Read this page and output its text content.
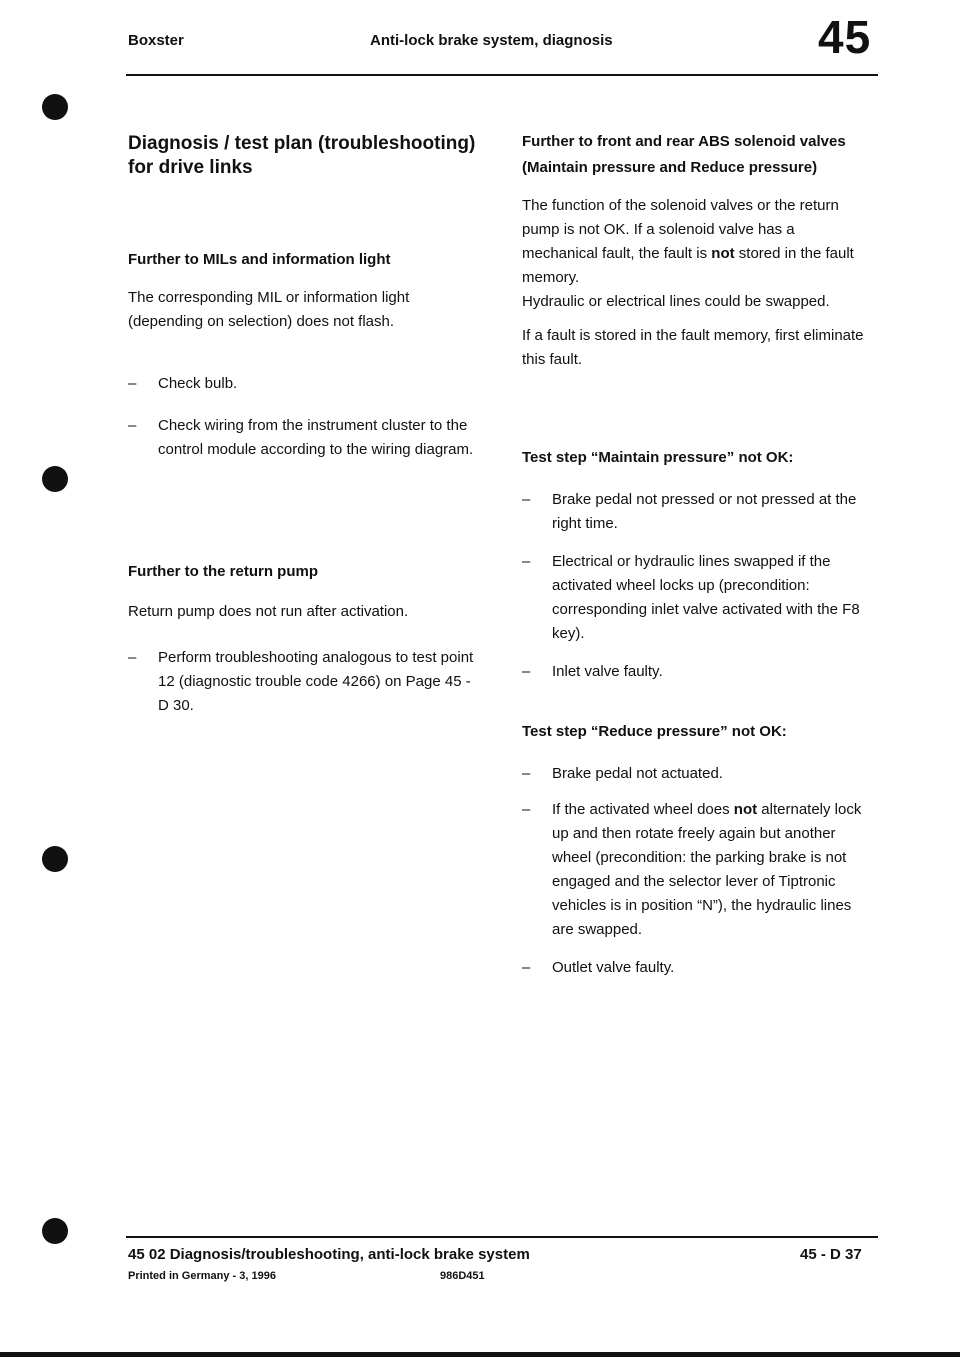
Boxster	Anti-lock brake system, diagnosis	45
Diagnosis / test plan (troubleshooting) for drive links
Further to MILs and information light

The corresponding MIL or information light (depending on selection) does not flash.

– Check bulb.
– Check wiring from the instrument cluster to the control module according to the wiring diagram.
Further to the return pump

Return pump does not run after activation.

– Perform troubleshooting analogous to test point 12 (diagnostic trouble code 4266) on Page 45 - D 30.
Further to front and rear ABS solenoid valves
(Maintain pressure and Reduce pressure)

The function of the solenoid valves or the return pump is not OK. If a solenoid valve has a mechanical fault, the fault is not stored in the fault memory.
Hydraulic or electrical lines could be swapped.

If a fault is stored in the fault memory, first eliminate this fault.

Test step “Maintain pressure” not OK:
– Brake pedal not pressed or not pressed at the right time.
– Electrical or hydraulic lines swapped if the activated wheel locks up (precondition: corresponding inlet valve activated with the F8 key).
– Inlet valve faulty.
Test step “Reduce pressure” not OK:
– Brake pedal not actuated.
– If the activated wheel does not alternately lock up and then rotate freely again but another wheel (precondition: the parking brake is not engaged and the selector lever of Tiptronic vehicles is in position “N”), the hydraulic lines are swapped.
– Outlet valve faulty.
45 02 Diagnosis/troubleshooting, anti-lock brake system	45 - D 37
Printed in Germany - 3, 1996	986D451
